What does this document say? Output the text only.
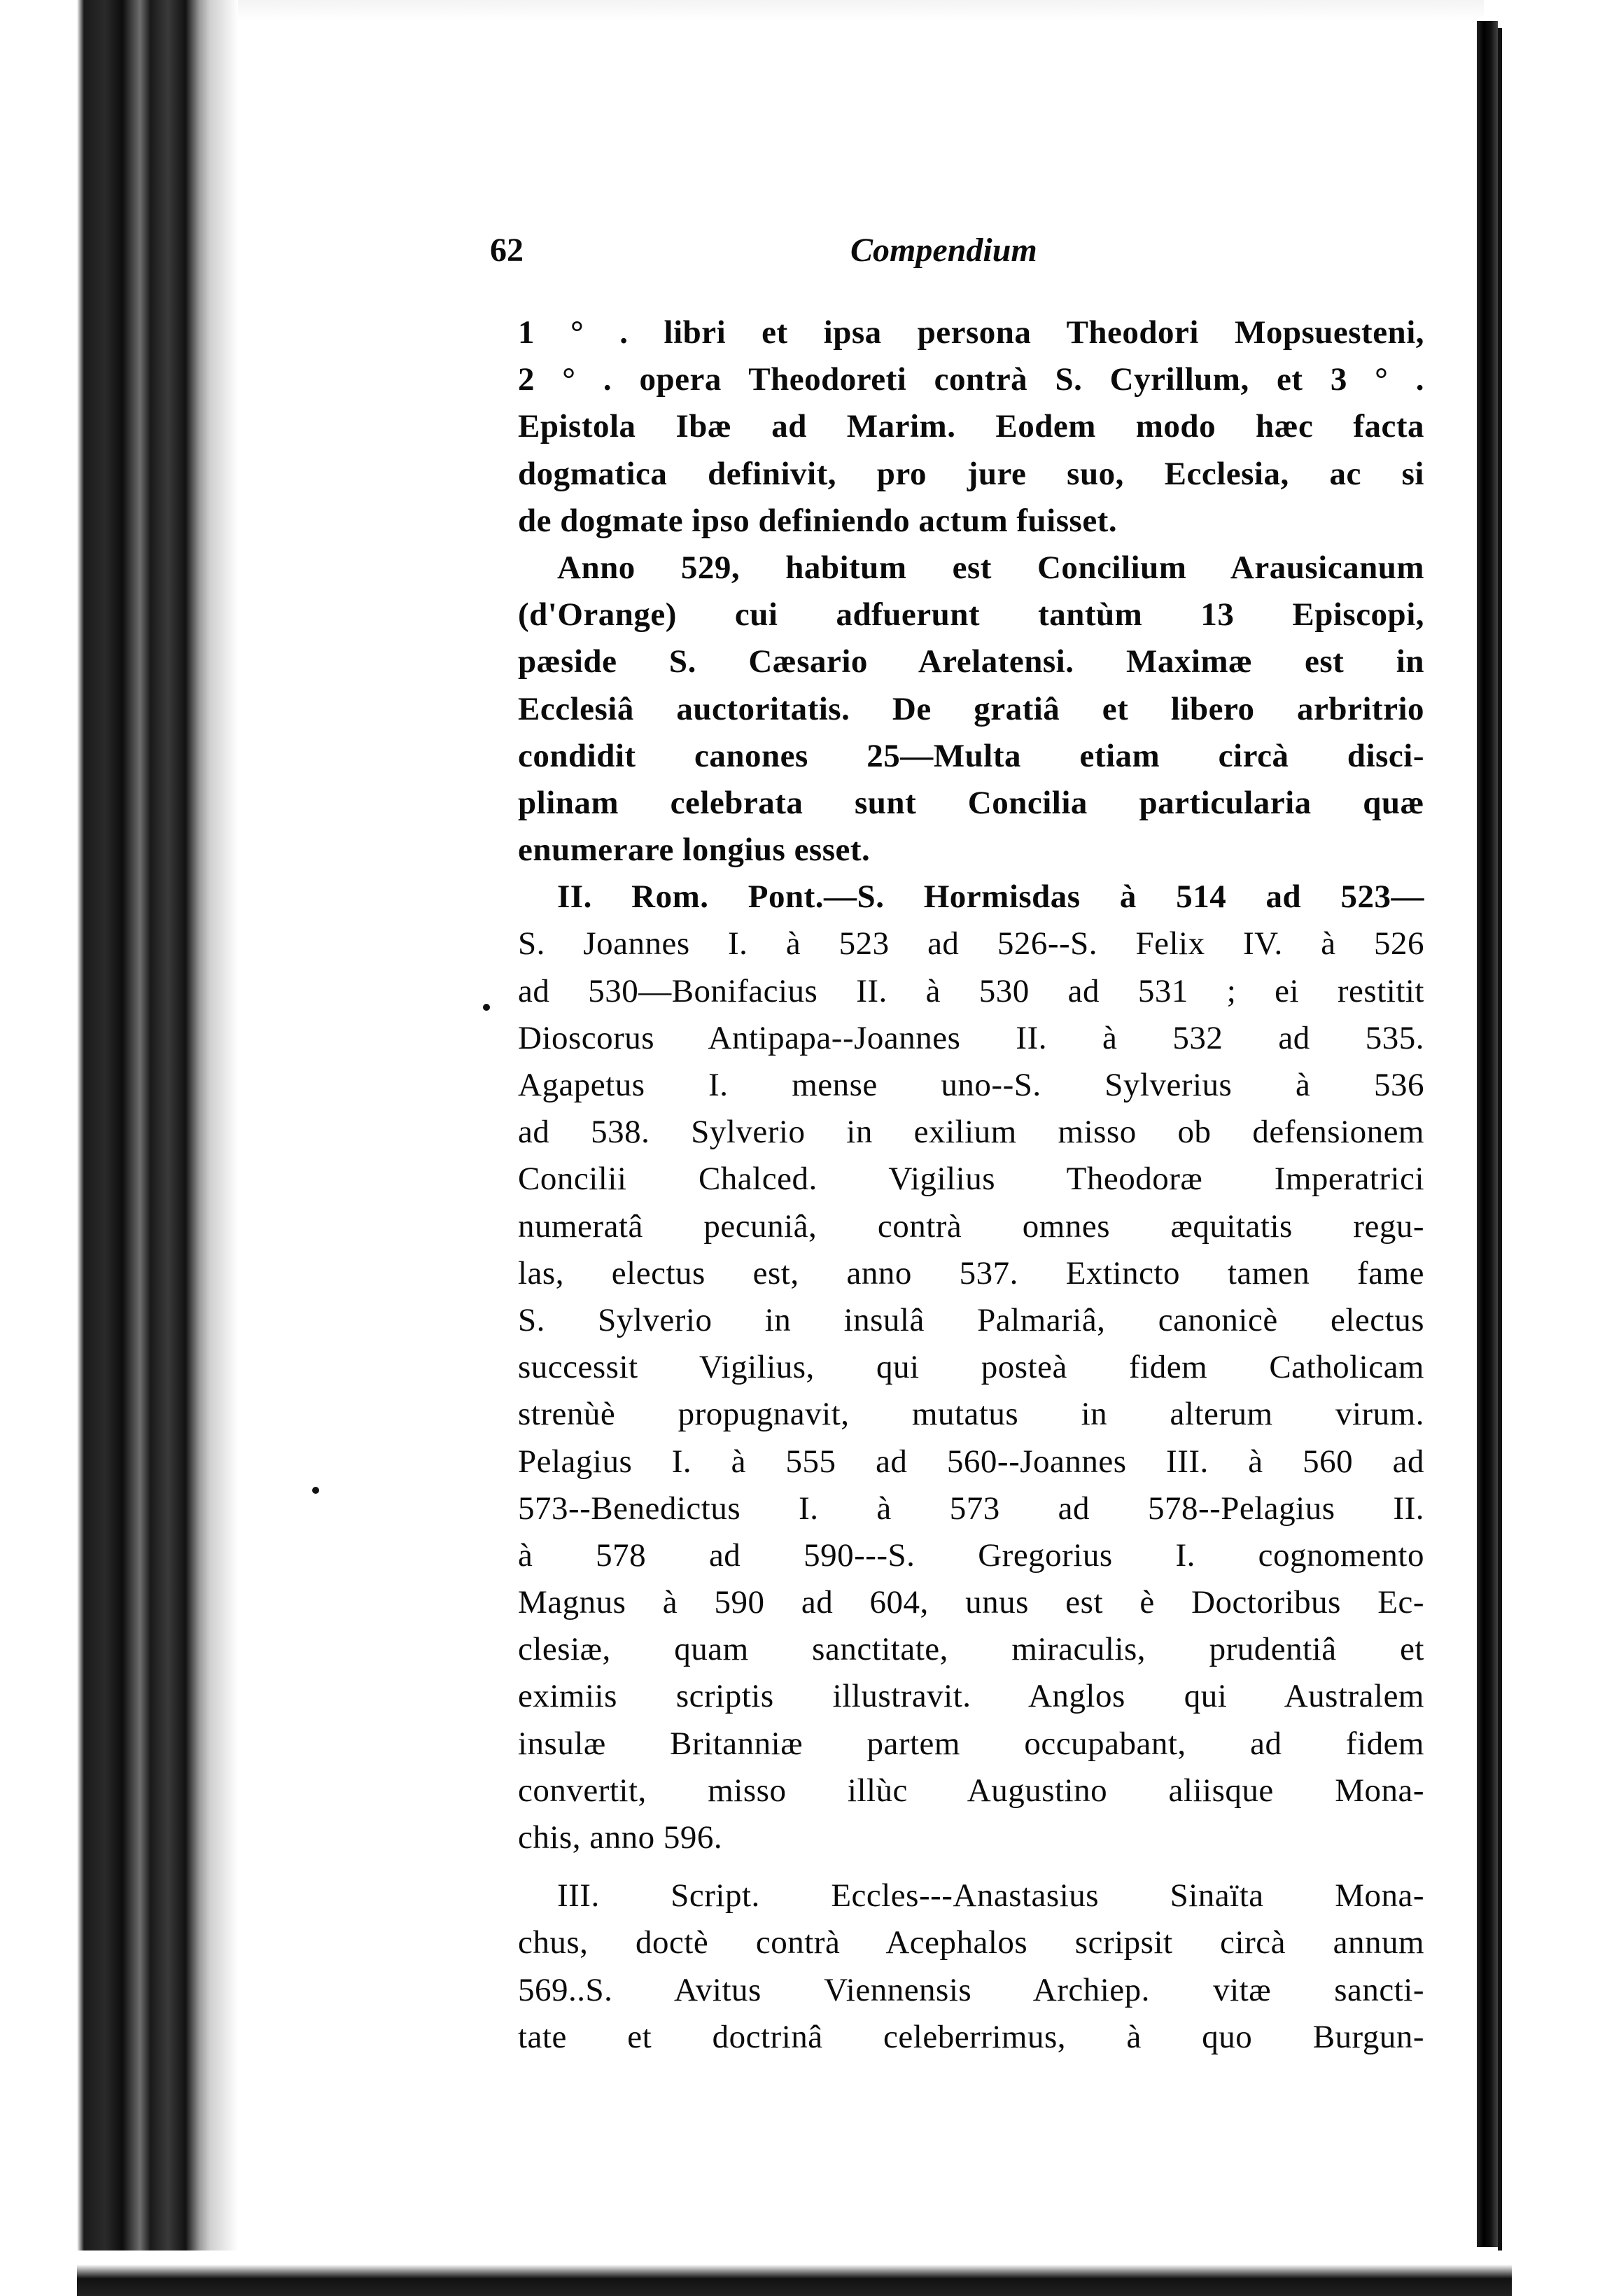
62	Compendium
1 ° . libri et ipsa persona Theodori Mopsuesteni,
2 ° . opera Theodoreti contrà S. Cyrillum, et 3 ° .
Epistola Ibæ ad Marim. Eodem modo hæc facta
dogmatica definivit, pro jure suo, Ecclesia, ac si
de dogmate ipso definiendo actum fuisset.
Anno 529, habitum est Concilium Arausicanum
(d'Orange) cui adfuerunt tantùm 13 Episcopi,
pæside S. Cæsario Arelatensi. Maximæ est in
Ecclesiâ auctoritatis. De gratiâ et libero arbritrio
condidit canones 25—Multa etiam circà disci-
plinam celebrata sunt Concilia particularia quæ
enumerare longius esset.
II. Rom. Pont.—S. Hormisdas à 514 ad 523—
S. Joannes I. à 523 ad 526--S. Felix IV. à 526
ad 530—Bonifacius II. à 530 ad 531 ; ei restitit
Dioscorus Antipapa--Joannes II. à 532 ad 535.
Agapetus I. mense uno--S. Sylverius à 536
ad 538. Sylverio in exilium misso ob defensionem
Concilii Chalced. Vigilius Theodoræ Imperatrici
numeratâ pecuniâ, contrà omnes æquitatis regu-
las, electus est, anno 537. Extincto tamen fame
S. Sylverio in insulâ Palmariâ, canonicè electus
successit Vigilius, qui posteà fidem Catholicam
strenùè propugnavit, mutatus in alterum virum.
Pelagius I. à 555 ad 560--Joannes III. à 560 ad
573--Benedictus I. à 573 ad 578--Pelagius II.
à 578 ad 590---S. Gregorius I. cognomento
Magnus à 590 ad 604, unus est è Doctoribus Ec-
clesiæ, quam sanctitate, miraculis, prudentiâ et
eximiis scriptis illustravit. Anglos qui Australem
insulæ Britanniæ partem occupabant, ad fidem
convertit, misso illùc Augustino aliisque Mona-
chis, anno 596.
III. Script. Eccles---Anastasius Sinaïta Mona-
chus, doctè contrà Acephalos scripsit circà annum
569..S. Avitus Viennensis Archiep. vitæ sancti-
tate et doctrinâ celeberrimus, à quo Burgun-
